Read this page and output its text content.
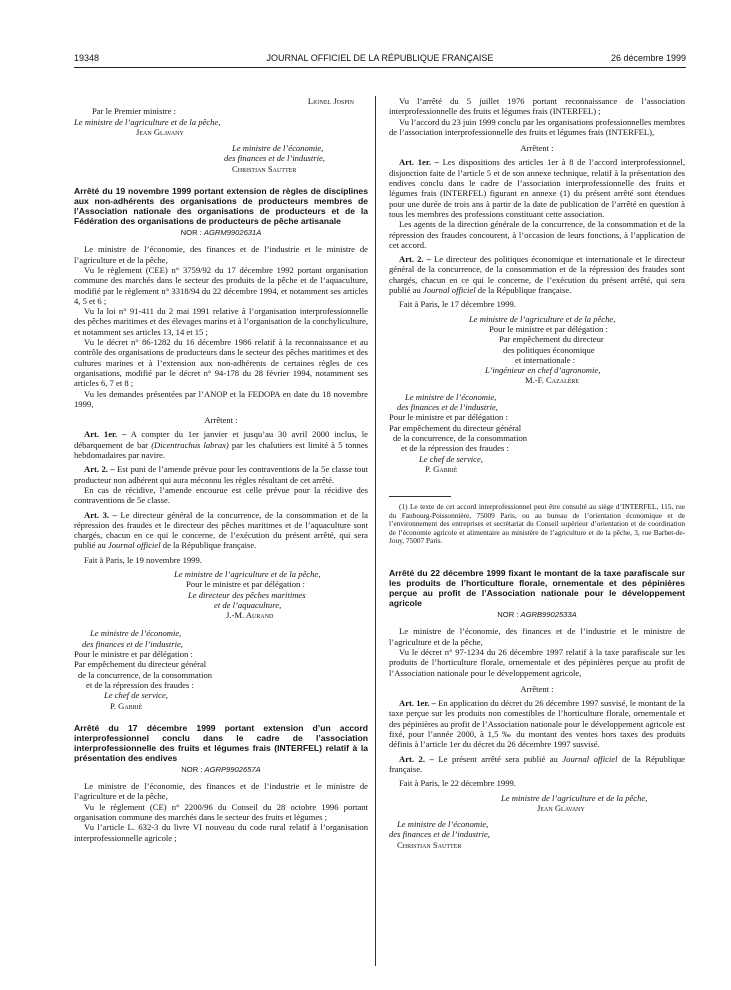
19348	JOURNAL OFFICIEL DE LA RÉPUBLIQUE FRANÇAISE	26 décembre 1999

Lionel Jospin

Par le Premier ministre :

Le ministre de l’agriculture et de la pêche,

Jean Glavany

Le ministre de l’économie,

des finances et de l’industrie,

Christian Sautter

Arrêté du 19 novembre 1999 portant extension de règles de disciplines aux non-adhérents des organisations de producteurs membres de l’Association nationale des organisations de producteurs et de la Fédération des organisations de producteurs de pêche artisanale

NOR : AGRM9902631A

Le ministre de l’économie, des finances et de l’industrie et le ministre de l’agriculture et de la pêche,

Vu le règlement (CEE) n° 3759/92 du 17 décembre 1992 portant organisation commune des marchés dans le secteur des produits de la pêche et de l’aquaculture, modifié par le règlement n° 3318/94 du 22 décembre 1994, et notamment ses articles 4, 5 et 6 ;

Vu la loi n° 91-411 du 2 mai 1991 relative à l’organisation interprofessionnelle des pêches maritimes et des élevages marins et à l’organisation de la conchyliculture, et notamment ses articles 13, 14 et 15 ;

Vu le décret n° 86-1282 du 16 décembre 1986 relatif à la reconnaissance et au contrôle des organisations de producteurs dans le secteur des pêches maritimes et des cultures marines et à l’extension aux non-adhérents de certaines règles de ces organisations, modifié par le décret n° 94-178 du 28 février 1994, notamment ses articles 6, 7 et 8 ;

Vu les demandes présentées par l’ANOP et la FEDOPA en date du 18 novembre 1999,

Arrêtent :

Art. 1er. – A compter du 1er janvier et jusqu’au 30 avril 2000 inclus, le débarquement de bar (Dicentrachus labrax) par les chalutiers est limité à 5 tonnes hebdomadaires par navire.

Art. 2. – Est puni de l’amende prévue pour les contraventions de la 5e classe tout producteur non adhérent qui aura méconnu les règles résultant de cet arrêté.

En cas de récidive, l’amende encourue est celle prévue pour la récidive des contraventions de 5e classe.

Art. 3. – Le directeur général de la concurrence, de la consommation et de la répression des fraudes et le directeur des pêches maritimes et de l’aquaculture sont chargés, chacun en ce qui le concerne, de l’exécution du présent arrêté, qui sera publié au Journal officiel de la République française.

Fait à Paris, le 19 novembre 1999.

Le ministre de l’agriculture et de la pêche,

Pour le ministre et par délégation :

Le directeur des pêches maritimes

et de l’aquaculture,

J.-M. Aurand

Le ministre de l’économie,

des finances et de l’industrie,

Pour le ministre et par délégation :

Par empêchement du directeur général

de la concurrence, de la consommation

et de la répression des fraudes :

Le chef de service,

P. Gabrié

Arrêté du 17 décembre 1999 portant extension d’un accord interprofessionnel conclu dans le cadre de l’association interprofessionnelle des fruits et légumes frais (INTERFEL) relatif à la présentation des endives

NOR : AGRP9902657A

Le ministre de l’économie, des finances et de l’industrie et le ministre de l’agriculture et de la pêche,

Vu le règlement (CE) n° 2200/96 du Conseil du 28 octobre 1996 portant organisation commune des marchés dans le secteur des fruits et légumes ;

Vu l’article L. 632-3 du livre VI nouveau du code rural relatif à l’organisation interprofessionnelle agricole ;

Vu l’arrêté du 5 juillet 1976 portant reconnaissance de l’association interprofessionnelle des fruits et légumes frais (INTERFEL) ;

Vu l’accord du 23 juin 1999 conclu par les organisations professionnelles membres de l’association interprofessionnelle des fruits et légumes frais (INTERFEL),

Arrêtent :

Art. 1er. – Les dispositions des articles 1er à 8 de l’accord interprofessionnel, disjonction faite de l’article 5 et de son annexe technique, relatif à la présentation des endives conclu dans le cadre de l’association interprofessionnelle des fruits et légumes frais (INTERFEL) figurant en annexe (1) du présent arrêté sont étendues pour une durée de trois ans à partir de la date de publication de l’arrêté en question à tous les membres des professions constituant cette association.

Les agents de la direction générale de la concurrence, de la consommation et de la répression des fraudes concourent, à l’occasion de leurs fonctions, à l’application de cet accord.

Art. 2. – Le directeur des politiques économique et internationale et le directeur général de la concurrence, de la consommation et de la répression des fraudes sont chargés, chacun en ce qui le concerne, de l’exécution du présent arrêté, qui sera publié au Journal officiel de la République française.

Fait à Paris, le 17 décembre 1999.

Le ministre de l’agriculture et de la pêche,

Pour le ministre et par délégation :

Par empêchement du directeur

des politiques économique

et internationale :

L’ingénieur en chef d’agronomie,

M.-F. Cazalère

Le ministre de l’économie,

des finances et de l’industrie,

Pour le ministre et par délégation :

Par empêchement du directeur général

de la concurrence, de la consommation

et de la répression des fraudes :

Le chef de service,

P. Gabrié

(1) Le texte de cet accord interprofessionnel peut être consulté au siège d’INTERFEL, 115, rue du Faubourg-Poissonnière, 75009 Paris, ou au bureau de l’orientation économique et de l’environnement des entreprises et secrétariat du Conseil supérieur d’orientation et de coordination de l’économie agricole et alimentaire au ministère de l’agriculture et de la pêche, 3, rue Barbet-de-Jouy, 75007 Paris.

Arrêté du 22 décembre 1999 fixant le montant de la taxe parafiscale sur les produits de l’horticulture florale, ornementale et des pépinières perçue au profit de l’Association nationale pour le développement agricole

NOR : AGRB9902533A

Le ministre de l’économie, des finances et de l’industrie et le ministre de l’agriculture et de la pêche,

Vu le décret n° 97-1234 du 26 décembre 1997 relatif à la taxe parafiscale sur les produits de l’horticulture florale, ornementale et des pépinières perçue au profit de l’Association nationale pour le développement agricole,

Arrêtent :

Art. 1er. – En application du décret du 26 décembre 1997 susvisé, le montant de la taxe perçue sur les produits non comestibles de l’horticulture florale, ornementale et des pépinières au profit de l’Association nationale pour le développement agricole est fixé, pour l’année 2000, à 1,5 ‰ du montant des ventes hors taxes des produits définis à l’article 1er du décret du 26 décembre 1997 susvisé.

Art. 2. – Le présent arrêté sera publié au Journal officiel de la République française.

Fait à Paris, le 22 décembre 1999.

Le ministre de l’agriculture et de la pêche,

Jean Glavany

Le ministre de l’économie,

des finances et de l’industrie,

Christian Sautter
